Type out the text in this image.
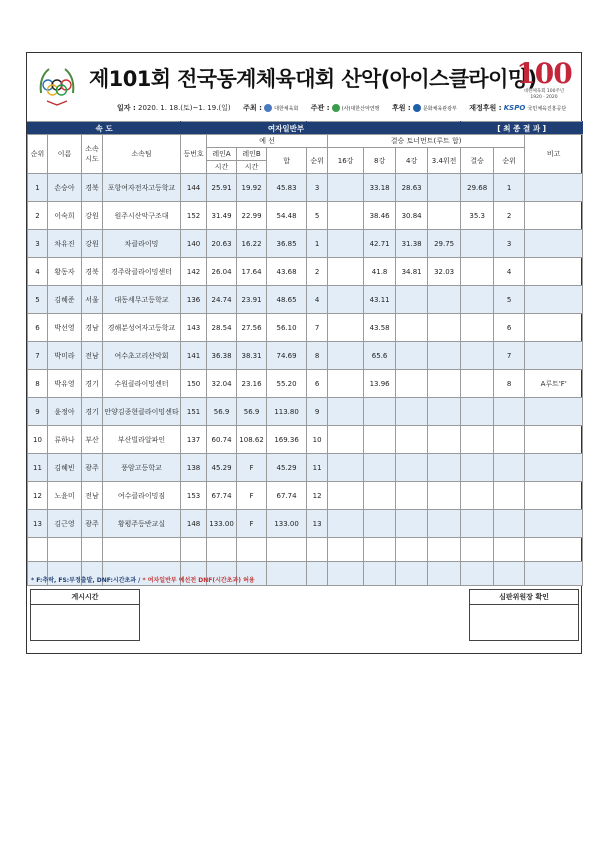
제101회 전국동계체육대회 산악(아이스클라이밍)
100
대한체육회 100주년
1920 · 2020
일자 : 2020. 1. 18.(토)~1. 19.(일) 주최 : 대한체육회 주관 : (사)대한산악연맹 후원 : 문화체육관광부 재정후원 : KSPO 국민체육진흥공단
속 도				여자일반부									[ 최 종 결 과 ]		
순위	이름	소속
시도	소속팀	등번호	예 선				결승 토너먼트(루트 합)						비고
					레인A	레인B	합	순위	16강	8강	4강	3.4위전	결승	순위	
					시간	시간									
1	손승아	경북	포항여자전자고등학교	144	25.91	19.92	45.83	3		33.18	28.63		29.68	1	
2	이숙희	강원	원주시산악구조대	152	31.49	22.99	54.48	5		38.46	30.84		35.3	2	
3	차유진	강원	차클라이밍	140	20.63	16.22	36.85	1		42.71	31.38	29.75		3	
4	황동자	경북	경주락클라이밍센터	142	26.04	17.64	43.68	2		41.8	34.81	32.03		4	
5	김혜준	서울	대동세무고등학교	136	24.74	23.91	48.65	4		43.11				5	
6	박선영	경남	경해분성여자고등학교	143	28.54	27.56	56.10	7		43.58				6	
7	박미라	전남	여수초고리산악회	141	36.38	38.31	74.69	8		65.6				7	
8	박유영	경기	수원클라이밍센터	150	32.04	23.16	55.20	6		13.96				8	A루트'F'
9	윤정아	경기	안양김종현클라이밍센타	151	56.9	56.9	113.80	9							
10	류하나	부산	부산빌라알파인	137	60.74	108.62	169.36	10							
11	김혜빈	광주	풍암고등학교	138	45.29	F	45.29	11							
12	노윤미	전남	여수클라이밍짐	153	67.74	F	67.74	12							
13	김근영	광주	황평주등반교실	148	133.00	F	133.00	13							

* F:추락, FS:부정출발, DNF:시간초과 / * 여자일반부 예선전 DNF(시간초과) 허용
게시시간	심판위원장 확인
